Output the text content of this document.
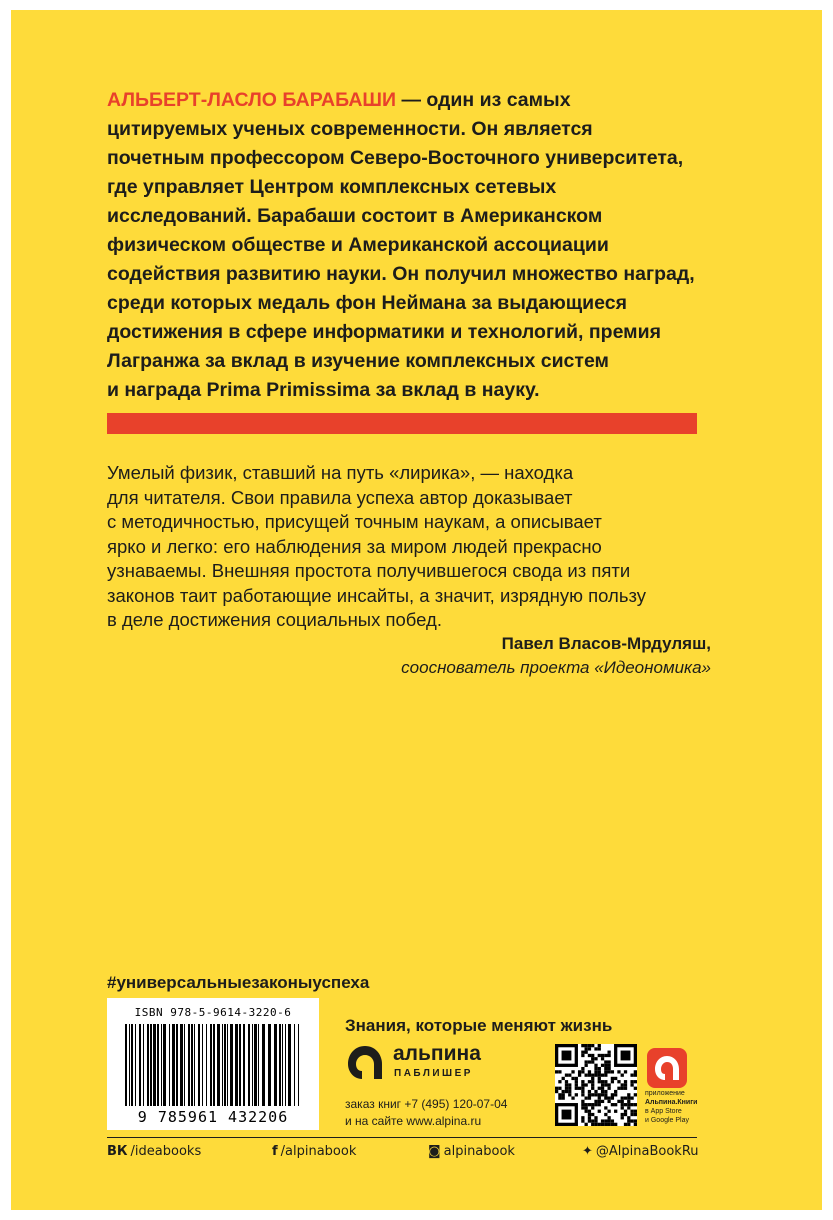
АЛЬБЕРТ-ЛАСЛО БАРАБАШИ — один из самых
цитируемых ученых современности. Он является
почетным профессором Северо-Восточного университета,
где управляет Центром комплексных сетевых
исследований. Барабаши состоит в Американском
физическом обществе и Американской ассоциации
содействия развитию науки. Он получил множество наград,
среди которых медаль фон Неймана за выдающиеся
достижения в сфере информатики и технологий, премия
Лагранжа за вклад в изучение комплексных систем
и награда Prima Primissima за вклад в науку.
Умелый физик, ставший на путь «лирика», — находка
для читателя. Свои правила успеха автор доказывает
с методичностью, присущей точным наукам, а описывает
ярко и легко: его наблюдения за миром людей прекрасно
узнаваемы. Внешняя простота получившегося свода из пяти
законов таит работающие инсайты, а значит, изрядную пользу
в деле достижения социальных побед.
Павел Власов-Мрдуляш,
сооснователь проекта «Идеономика»
#универсальныезаконыуспеха
ISBN 978-5-9614-3220-6
9 785961 432206
Знания, которые меняют жизнь
альпина
ПАБЛИШЕР
заказ книг +7 (495) 120-07-04
и на сайте www.alpina.ru
приложение
Альпина.Книги
в App Store
и Google Play
ВК /ideabooks	f /alpinabook	◙ alpinabook	✦ @AlpinaBookRu
